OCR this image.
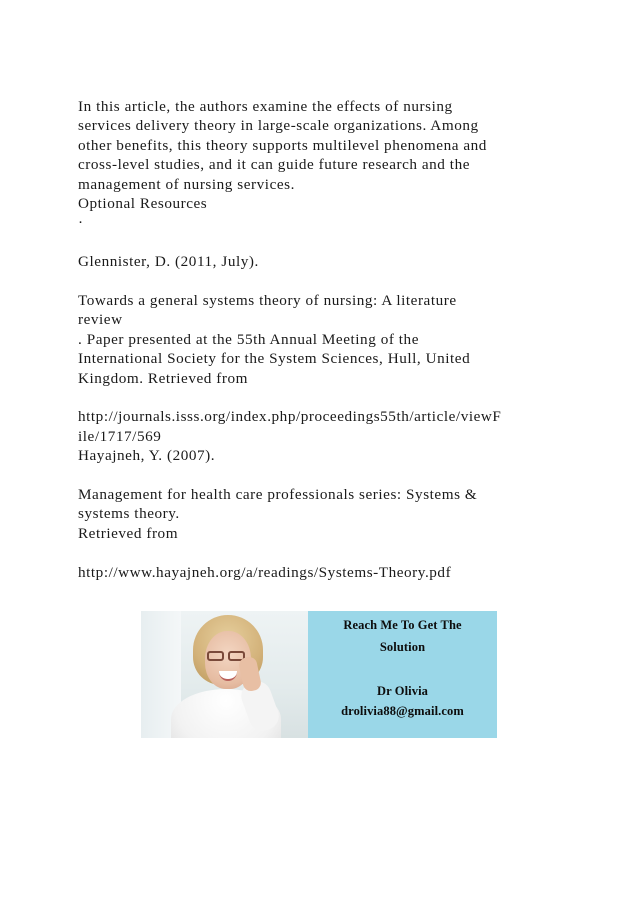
In this article, the authors examine the effects of nursing

services delivery theory in large-scale organizations. Among

other benefits, this theory supports multilevel phenomena and

cross-level studies, and it can guide future research and the

management of nursing services.

Optional Resources

·

Glennister, D. (2011, July).

Towards a general systems theory of nursing: A literature

review

. Paper presented at the 55th Annual Meeting of the

International Society for the System Sciences, Hull, United

Kingdom. Retrieved from

http://journals.isss.org/index.php/proceedings55th/article/viewF

ile/1717/569

Hayajneh, Y. (2007).

Management for health care professionals series: Systems &

systems theory.

Retrieved from

http://www.hayajneh.org/a/readings/Systems-Theory.pdf

Reach Me To Get The
Solution
Dr Olivia
drolivia88@gmail.com
